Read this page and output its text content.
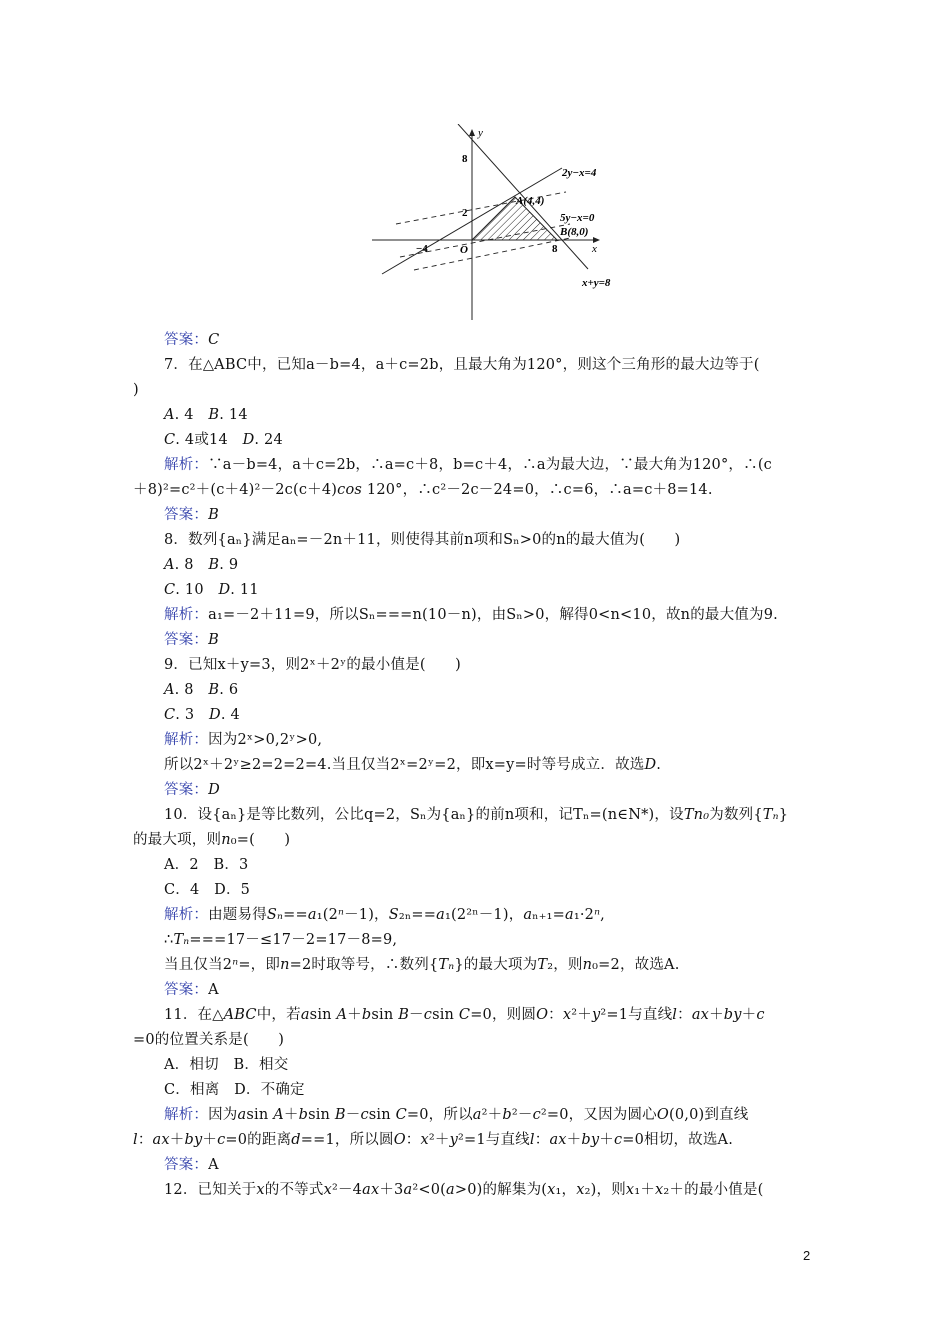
y
x
O
8
2
−4	8
2y−x=4
5y−x=0
x+y=8
A(4,4)
B(8,0)
答案：C
7．在△ABC中，已知a－b=4，a＋c=2b，且最大角为120°，则这个三角形的最大边等于(
)
A. 4　B. 14
C. 4或14　D. 24
解析：∵a－b=4，a＋c=2b，∴a=c＋8，b=c＋4，∴a为最大边，∵最大角为120°，∴(c
＋8)²=c²＋(c＋4)²－2c(c＋4)cos 120°，∴c²－2c－24=0，∴c=6，∴a=c＋8=14.
答案：B
8．数列{aₙ}满足aₙ=－2n＋11，则使得其前n项和Sₙ>0的n的最大值为(　　)
A. 8　B. 9
C. 10　D. 11
解析：a₁=－2＋11=9，所以Sₙ===n(10－n)，由Sₙ>0，解得0<n<10，故n的最大值为9.
答案：B
9．已知x＋y=3，则2ˣ＋2ʸ的最小值是(　　)
A. 8　B. 6
C. 3　D. 4
解析：因为2ˣ>0,2ʸ>0,
所以2ˣ＋2ʸ≥2=2=2=4.当且仅当2ˣ=2ʸ=2，即x=y=时等号成立．故选D.
答案：D
10．设{aₙ}是等比数列，公比q=2，Sₙ为{aₙ}的前n项和，记Tₙ=(n∈N*)，设Tn₀为数列{Tₙ}
的最大项，则n₀=(　　)
A．2　B．3
C．4　D．5
解析：由题易得Sₙ==a₁(2ⁿ－1)，S₂ₙ==a₁(2²ⁿ－1)，aₙ₊₁=a₁·2ⁿ,
∴Tₙ===17－≤17－2=17－8=9,
当且仅当2ⁿ=，即n=2时取等号，∴数列{Tₙ}的最大项为T₂，则n₀=2，故选A.
答案：A
11．在△ABC中，若asin A＋bsin B－csin C=0，则圆O：x²＋y²=1与直线l：ax＋by＋c
=0的位置关系是(　　)
A．相切　B．相交
C．相离　D．不确定
解析：因为asin A＋bsin B－csin C=0，所以a²＋b²－c²=0，又因为圆心O(0,0)到直线
l：ax＋by＋c=0的距离d==1，所以圆O：x²＋y²=1与直线l：ax＋by＋c=0相切，故选A.
答案：A
12．已知关于x的不等式x²－4ax＋3a²<0(a>0)的解集为(x₁，x₂)，则x₁＋x₂＋的最小值是(
2
